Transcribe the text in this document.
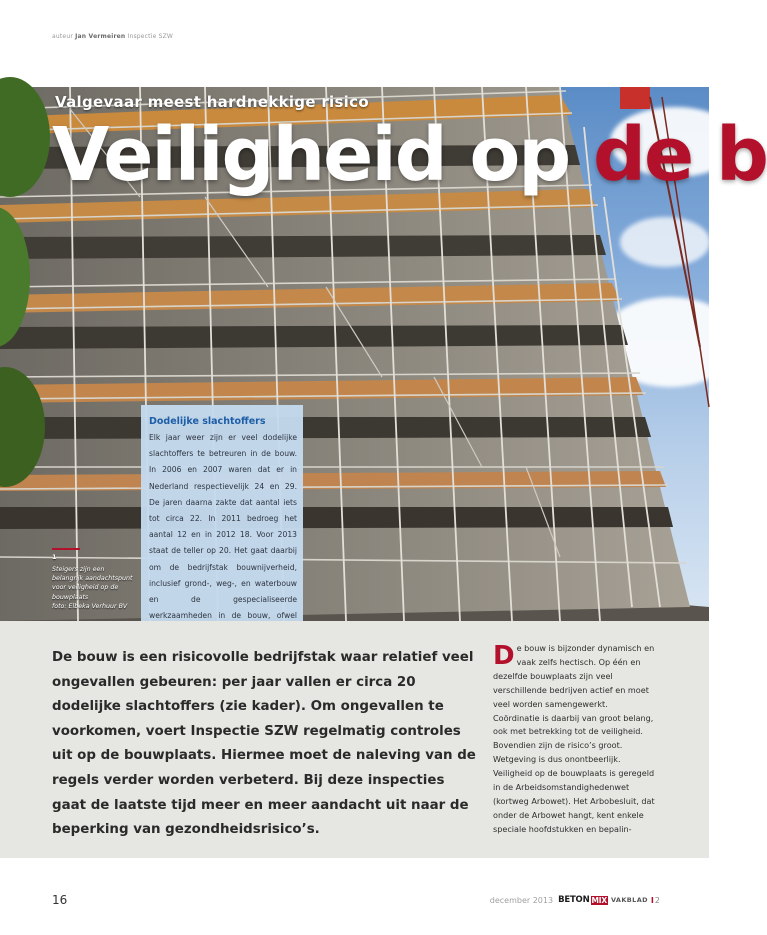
auteur Jan Vermeiren Inspectie SZW
Valgevaar meest hardnekkige risico
Veiligheid op de b
1
Steigers zijn een belangrijk aandachtspunt voor veiligheid op de bouwplaats
foto: Elbeka Verhuur BV
Dodelijke slachtoffers
Elk jaar weer zijn er veel dodelijke slachtoffers te betreuren in de bouw. In 2006 en 2007 waren dat er in Nederland respectievelijk 24 en 29. De jaren daarna zakte dat aantal iets tot circa 22. In 2011 bedroeg het aantal 12 en in 2012 18. Voor 2013 staat de teller op 20. Het gaat daarbij om de bedrijfstak bouwnijverheid, inclusief grond-, weg-, en waterbouw en de gespecialiseerde werkzaamheden in de bouw, ofwel
De bouw is een risicovolle bedrijfstak waar relatief veel ongevallen gebeuren: per jaar vallen er circa 20 dodelijke slachtoffers (zie kader). Om ongevallen te voorkomen, voert Inspectie SZW regelmatig controles uit op de bouwplaats. Hiermee moet de naleving van de regels verder worden verbeterd. Bij deze inspecties gaat de laatste tijd meer en meer aandacht uit naar de beperking van gezondheidsrisico’s.
De bouw is bijzonder dynamisch en vaak zelfs hectisch. Op één en dezelfde bouwplaats zijn veel verschillende bedrijven actief en moet veel worden samengewerkt. Coördinatie is daarbij van groot belang, ook met betrekking tot de veiligheid. Bovendien zijn de risico’s groot. Wetgeving is dus onontbeerlijk.
Veiligheid op de bouwplaats is geregeld in de Arbeidsomstandighedenwet (kortweg Arbowet). Het Arbobesluit, dat onder de Arbowet hangt, kent enkele speciale hoofdstukken en bepalin-
16	december 2013 BETON MIX VAKBLAD I2
